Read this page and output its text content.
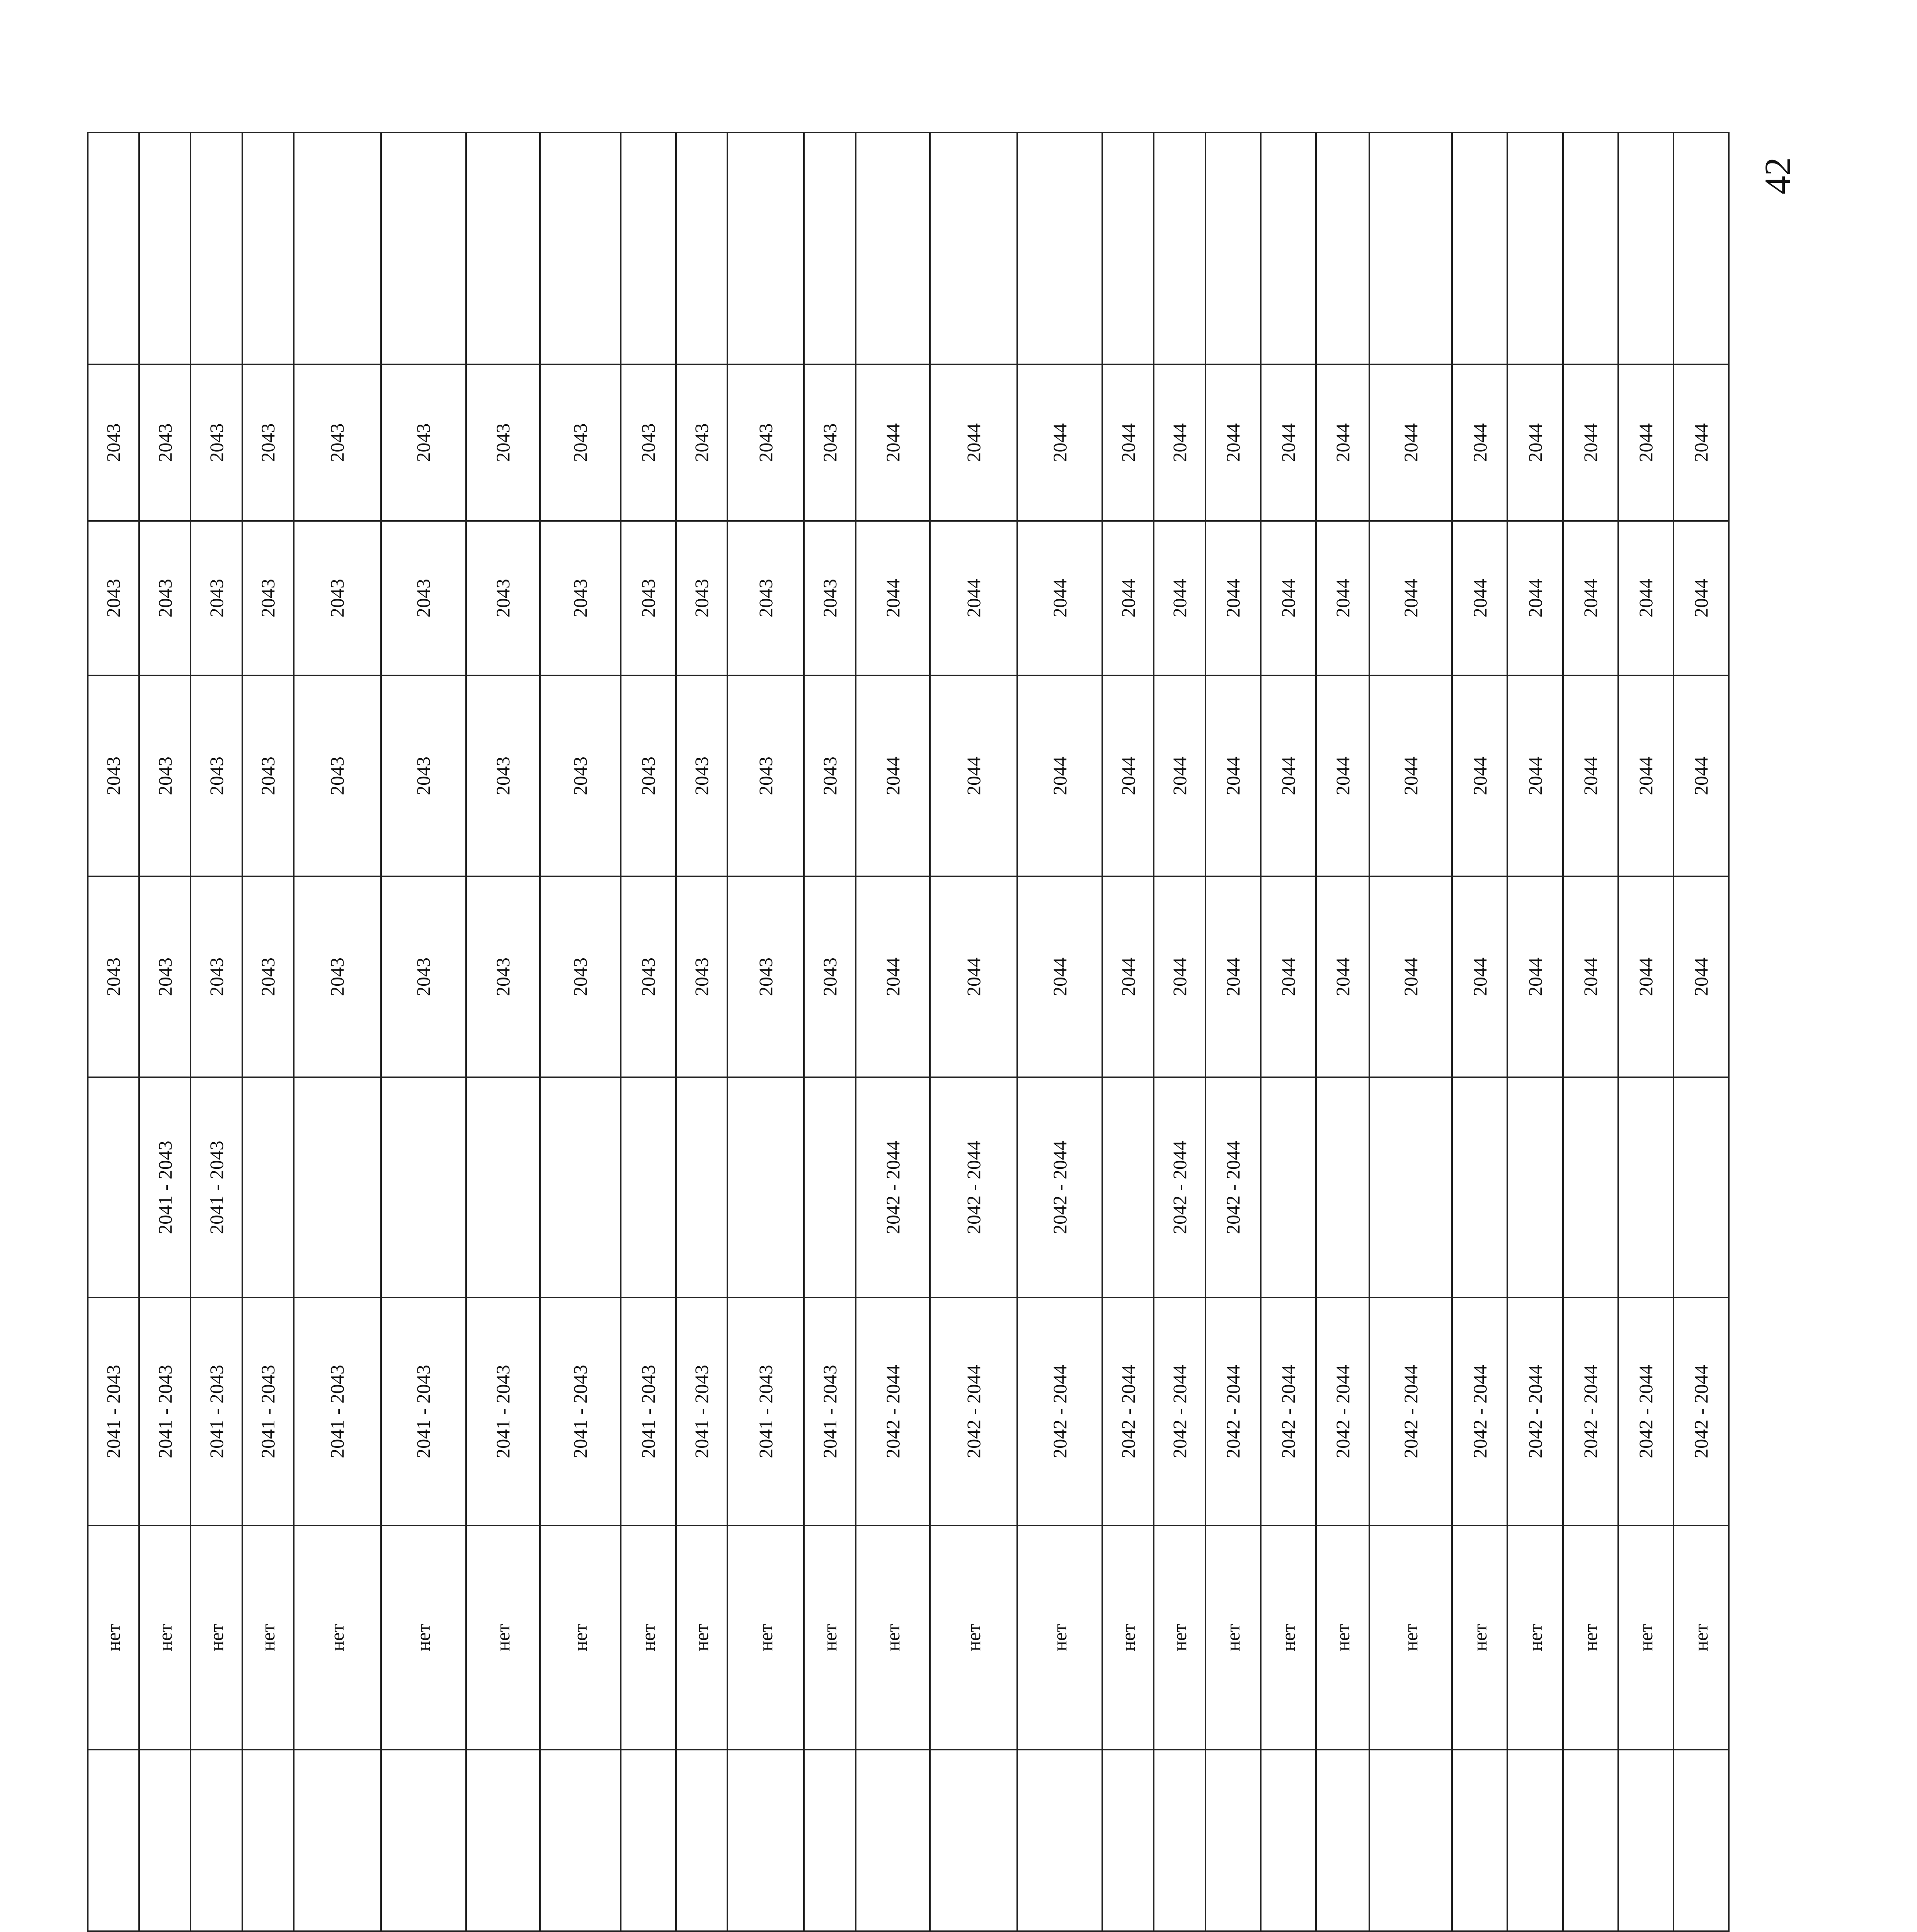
42
						нет	2041 - 2043		2043	2043	2043	2043	
						нет	2041 - 2043	2041 - 2043	2043	2043	2043	2043	
						нет	2041 - 2043	2041 - 2043	2043	2043	2043	2043	
						нет	2041 - 2043		2043	2043	2043	2043	
						нет	2041 - 2043		2043	2043	2043	2043	
						нет	2041 - 2043		2043	2043	2043	2043	
						нет	2041 - 2043		2043	2043	2043	2043	
						нет	2041 - 2043		2043	2043	2043	2043	
						нет	2041 - 2043		2043	2043	2043	2043	
						нет	2041 - 2043		2043	2043	2043	2043	
						нет	2041 - 2043		2043	2043	2043	2043	
						нет	2041 - 2043		2043	2043	2043	2043	
						нет	2042 - 2044	2042 - 2044	2044	2044	2044	2044	
						нет	2042 - 2044	2042 - 2044	2044	2044	2044	2044	
						нет	2042 - 2044	2042 - 2044	2044	2044	2044	2044	
						нет	2042 - 2044		2044	2044	2044	2044	
						нет	2042 - 2044	2042 - 2044	2044	2044	2044	2044	
						нет	2042 - 2044	2042 - 2044	2044	2044	2044	2044	
						нет	2042 - 2044		2044	2044	2044	2044	
						нет	2042 - 2044		2044	2044	2044	2044	
						нет	2042 - 2044		2044	2044	2044	2044	
						нет	2042 - 2044		2044	2044	2044	2044	
						нет	2042 - 2044		2044	2044	2044	2044	
						нет	2042 - 2044		2044	2044	2044	2044	
						нет	2042 - 2044		2044	2044	2044	2044	
						нет	2042 - 2044		2044	2044	2044	2044	
